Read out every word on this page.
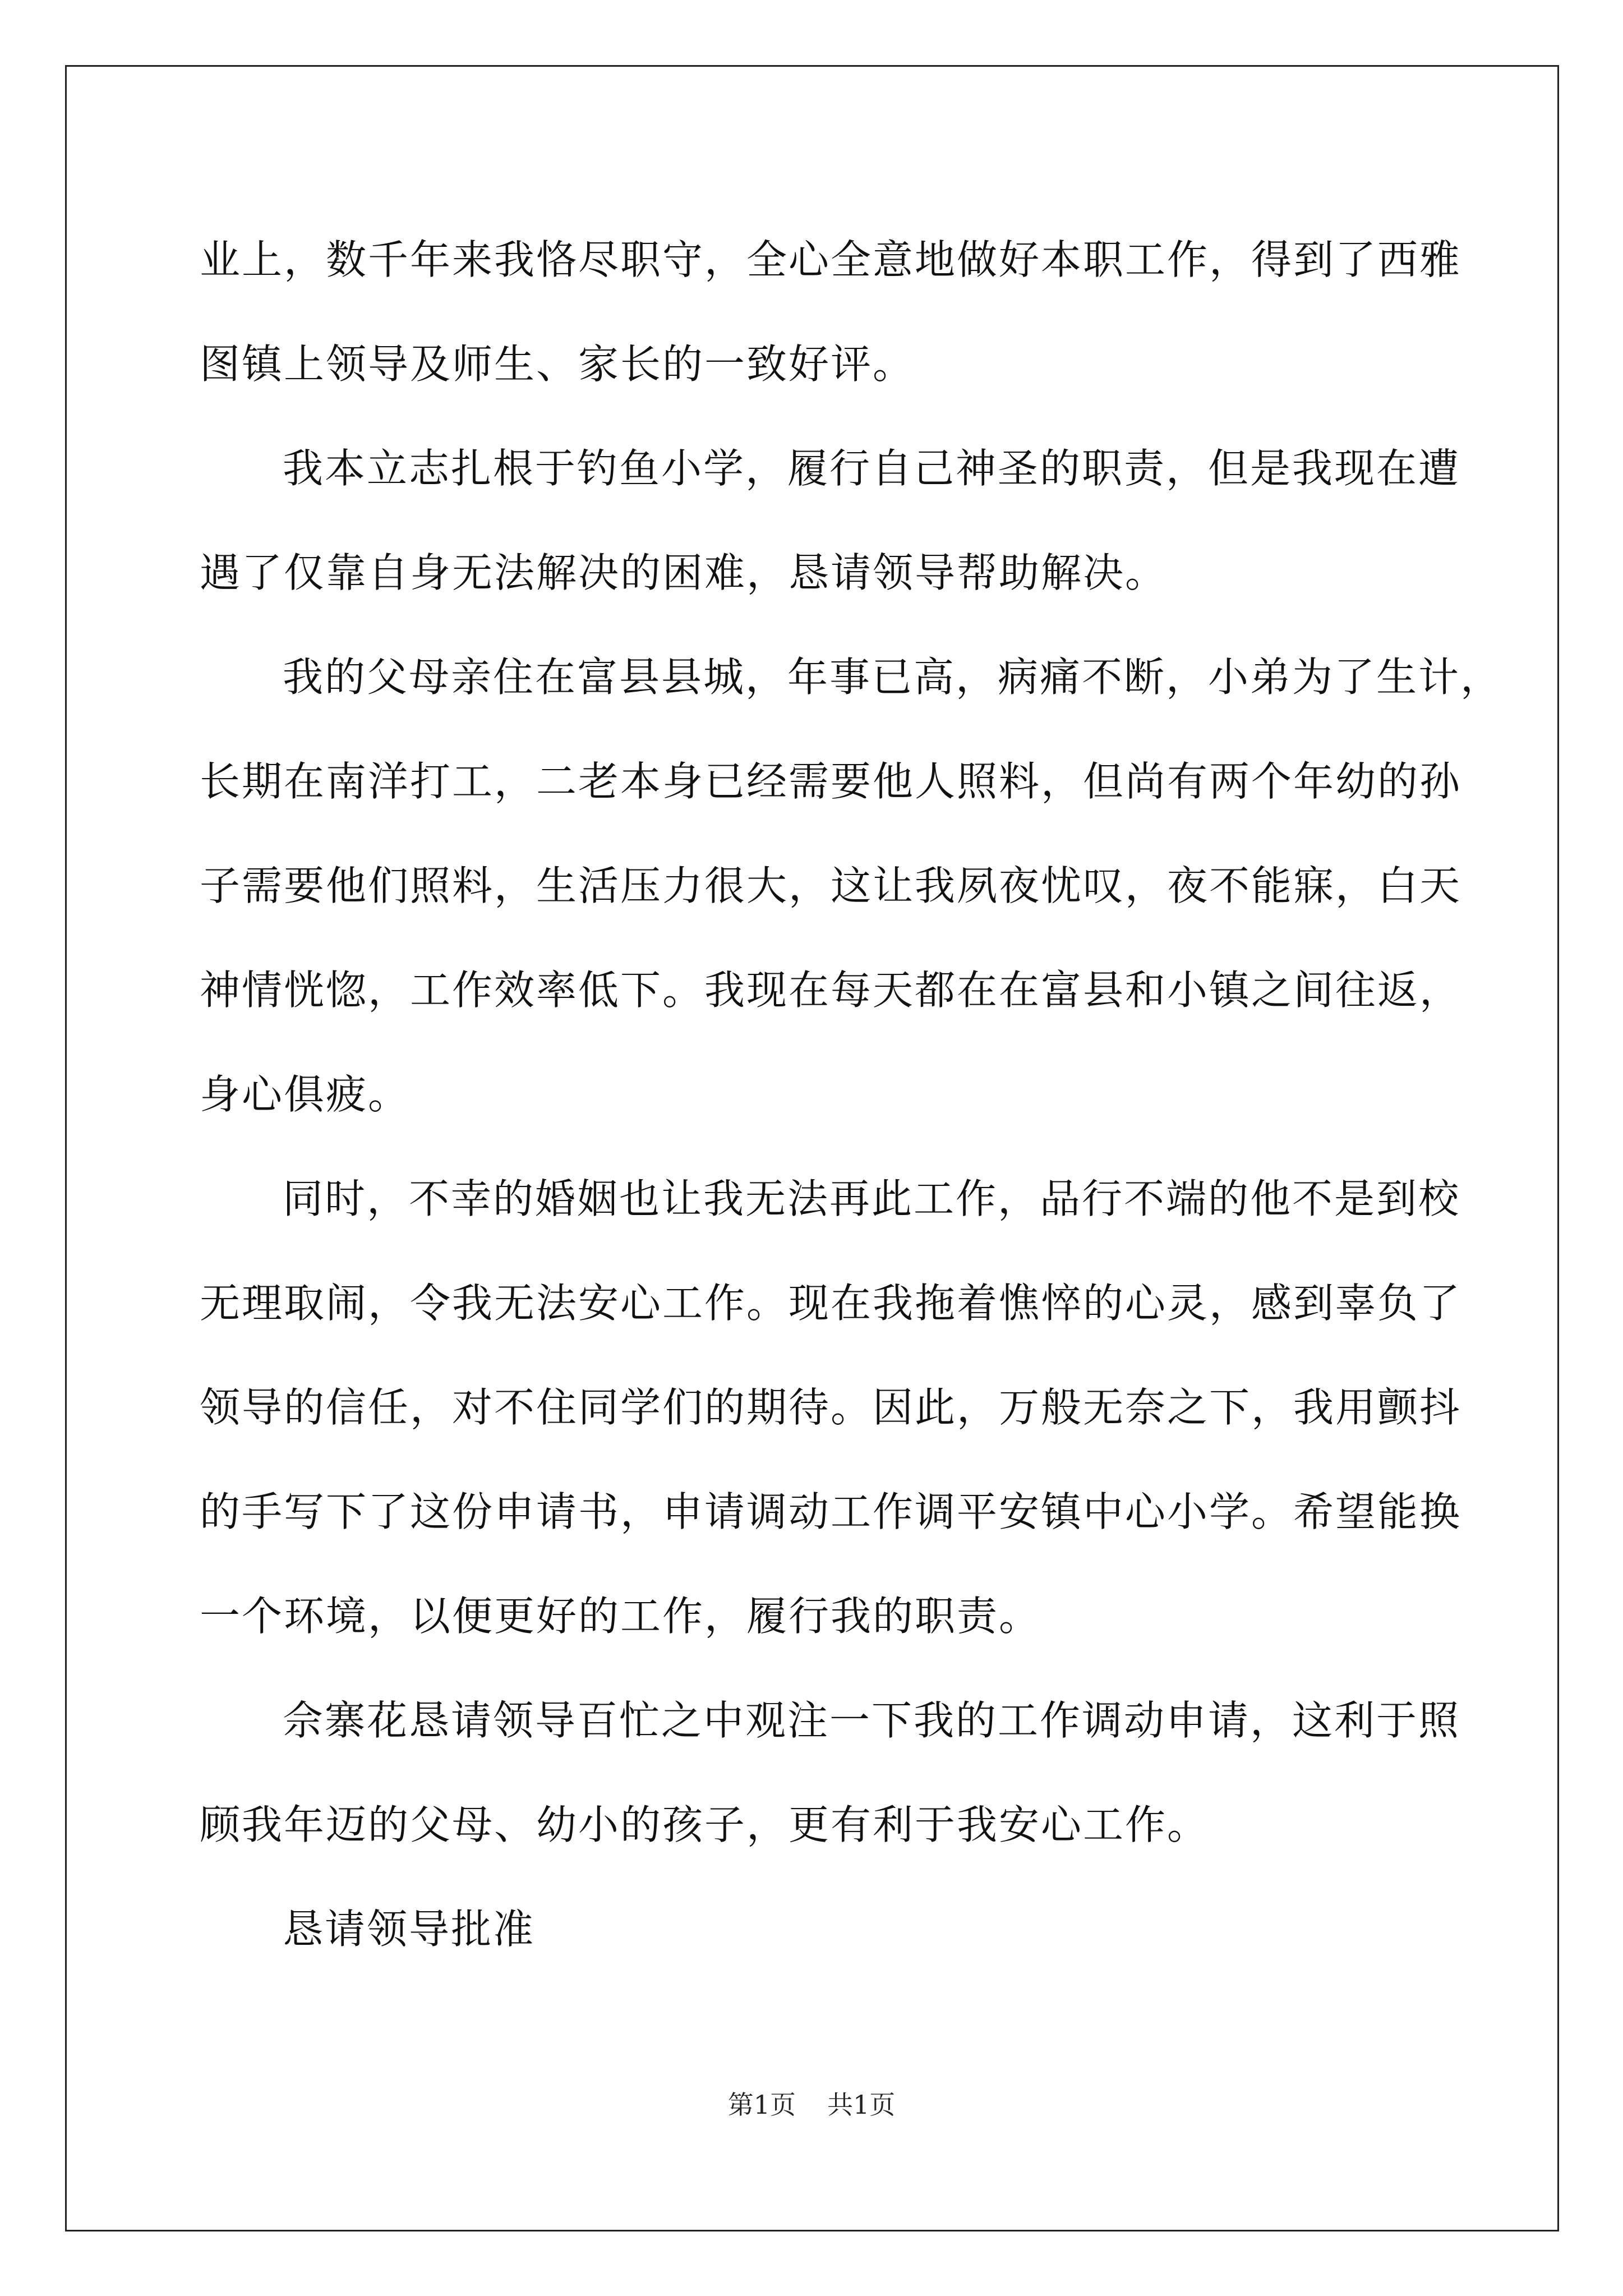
业上，数千年来我恪尽职守，全心全意地做好本职工作，得到了西雅
图镇上领导及师生、家长的一致好评。
我本立志扎根于钓鱼小学，履行自己神圣的职责，但是我现在遭
遇了仅靠自身无法解决的困难，恳请领导帮助解决。
我的父母亲住在富县县城，年事已高，病痛不断，小弟为了生计，
长期在南洋打工，二老本身已经需要他人照料，但尚有两个年幼的孙
子需要他们照料，生活压力很大，这让我夙夜忧叹，夜不能寐，白天
神情恍惚，工作效率低下。我现在每天都在在富县和小镇之间往返，
身心俱疲。
同时，不幸的婚姻也让我无法再此工作，品行不端的他不是到校
无理取闹，令我无法安心工作。现在我拖着憔悴的心灵，感到辜负了
领导的信任，对不住同学们的期待。因此，万般无奈之下，我用颤抖
的手写下了这份申请书，申请调动工作调平安镇中心小学。希望能换
一个环境，以便更好的工作，履行我的职责。
佘寨花恳请领导百忙之中观注一下我的工作调动申请，这利于照
顾我年迈的父母、幼小的孩子，更有利于我安心工作。
恳请领导批准
第1页 共1页
